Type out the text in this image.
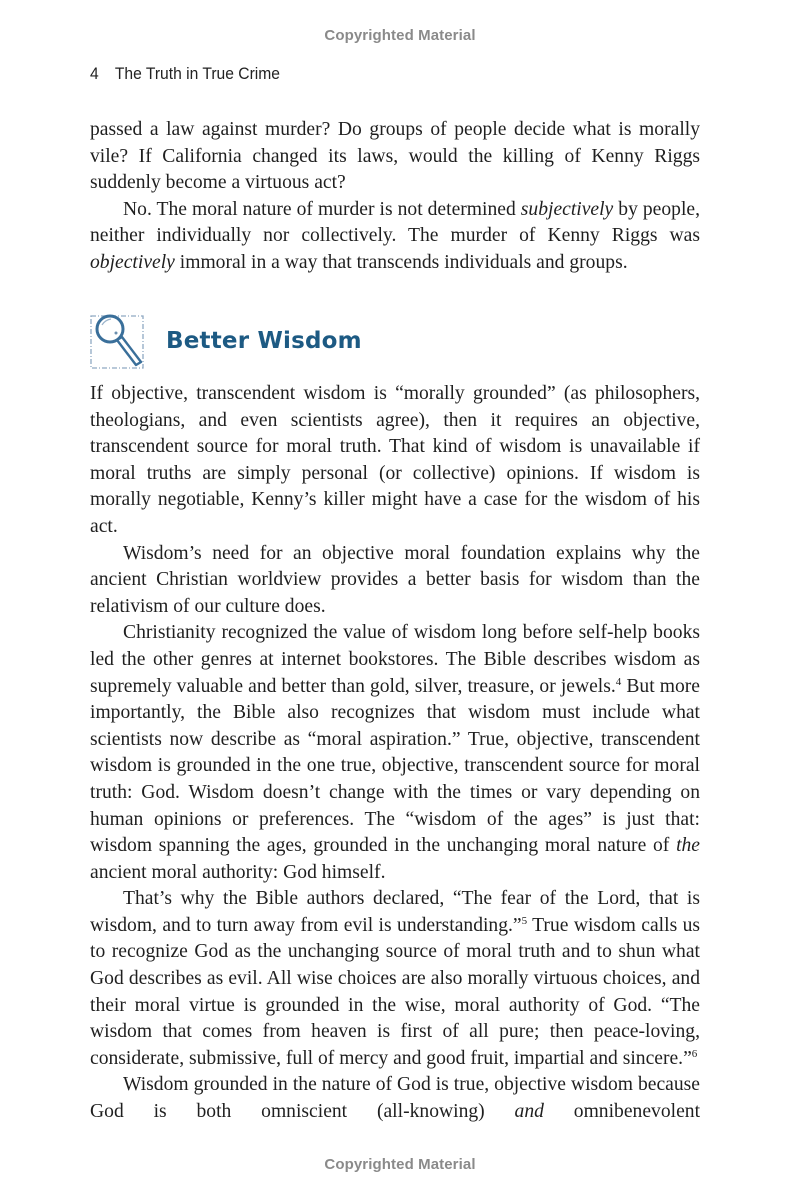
Copyrighted Material
4 The Truth in True Crime

passed a law against murder? Do groups of people decide what is morally vile? If California changed its laws, would the killing of Kenny Riggs suddenly become a virtuous act?

No. The moral nature of murder is not determined subjectively by people, neither individually nor collectively. The murder of Kenny Riggs was objectively immoral in a way that transcends individuals and groups.

Better Wisdom

If objective, transcendent wisdom is “morally grounded” (as philosophers, theologians, and even scientists agree), then it requires an objective, transcendent source for moral truth. That kind of wisdom is unavailable if moral truths are simply personal (or collective) opinions. If wisdom is morally negotiable, Kenny’s killer might have a case for the wisdom of his act.

Wisdom’s need for an objective moral foundation explains why the ancient Christian worldview provides a better basis for wisdom than the relativism of our culture does.

Christianity recognized the value of wisdom long before self-help books led the other genres at internet bookstores. The Bible describes wisdom as supremely valuable and better than gold, silver, treasure, or jewels.$^4$ But more importantly, the Bible also recognizes that wisdom must include what scientists now describe as “moral aspiration.” True, objective, transcendent wisdom is grounded in the one true, objective, transcendent source for moral truth: God. Wisdom doesn’t change with the times or vary depending on human opinions or preferences. The “wisdom of the ages” is just that: wisdom spanning the ages, grounded in the unchanging moral nature of the ancient moral authority: God himself.

That’s why the Bible authors declared, “The fear of the Lord, that is wisdom, and to turn away from evil is understanding.”$^5$ True wisdom calls us to recognize God as the unchanging source of moral truth and to shun what God describes as evil. All wise choices are also morally virtuous choices, and their moral virtue is grounded in the wise, moral authority of God. “The wisdom that comes from heaven is first of all pure; then peace-loving, considerate, submissive, full of mercy and good fruit, impartial and sincere.”$^6$

Wisdom grounded in the nature of God is true, objective wisdom because God is both omniscient (all-knowing) and omnibenevolent

Copyrighted Material
